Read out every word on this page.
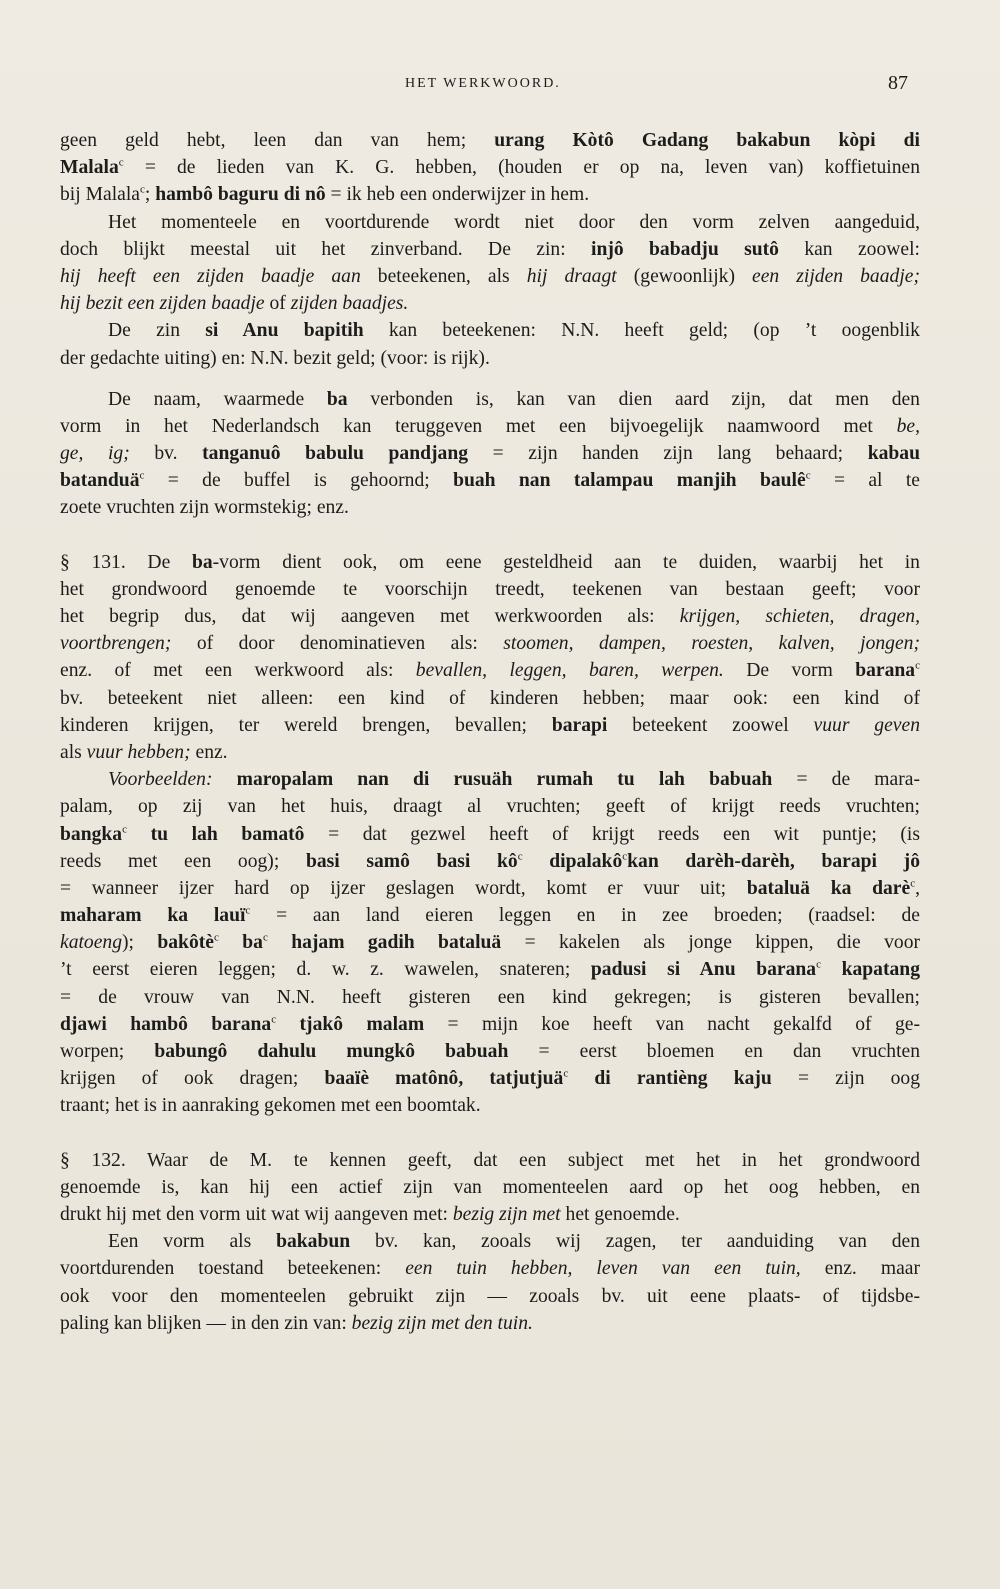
HET WERKWOORD.	87
geen geld hebt, leen dan van hem; urang Kòtô Gadang bakabun kòpi di
Malala$^c$ = de lieden van K. G. hebben, (houden er op na, leven van) koffietuinen
bij Malala$^c$; hambô baguru di nô = ik heb een onderwijzer in hem.
Het momenteele en voortdurende wordt niet door den vorm zelven aangeduid,
doch blijkt meestal uit het zinverband. De zin: injô babadju sutô kan zoowel:
hij heeft een zijden baadje aan beteekenen, als hij draagt (gewoonlijk) een zijden baadje;
hij bezit een zijden baadje of zijden baadjes.
De zin si Anu bapitih kan beteekenen: N.N. heeft geld; (op ’t oogenblik
der gedachte uiting) en: N.N. bezit geld; (voor: is rijk).
De naam, waarmede ba verbonden is, kan van dien aard zijn, dat men den
vorm in het Nederlandsch kan teruggeven met een bijvoegelijk naamwoord met be,
ge, ig; bv. tanganuô babulu pandjang = zijn handen zijn lang behaard; kabau
batanduä$^c$ = de buffel is gehoornd; buah nan talampau manjih baulê$^c$ = al te
zoete vruchten zijn wormstekig; enz.
§ 131. De ba-vorm dient ook, om eene gesteldheid aan te duiden, waarbij het in
het grondwoord genoemde te voorschijn treedt, teekenen van bestaan geeft; voor
het begrip dus, dat wij aangeven met werkwoorden als: krijgen, schieten, dragen,
voortbrengen; of door denominatieven als: stoomen, dampen, roesten, kalven, jongen;
enz. of met een werkwoord als: bevallen, leggen, baren, werpen. De vorm barana$^c$
bv. beteekent niet alleen: een kind of kinderen hebben; maar ook: een kind of
kinderen krijgen, ter wereld brengen, bevallen; barapi beteekent zoowel vuur geven
als vuur hebben; enz.
Voorbeelden: maropalam nan di rusuäh rumah tu lah babuah = de mara-
palam, op zij van het huis, draagt al vruchten; geeft of krijgt reeds vruchten;
bangka$^c$ tu lah bamatô = dat gezwel heeft of krijgt reeds een wit puntje; (is
reeds met een oog); basi samô basi $kô^c$ dipalakô$^c$kan darèh-darèh, barapi jô
= wanneer ijzer hard op ijzer geslagen wordt, komt er vuur uit; bataluä ka darè$^c$,
maharam ka lauï$^c$ = aan land eieren leggen en in zee broeden; (raadsel: de
katoeng); bakôtè$^c$ $ba^c$ hajam gadih bataluä = kakelen als jonge kippen, die voor
’t eerst eieren leggen; d. w. z. wawelen, snateren; padusi si Anu barana$^c$ kapatang
= de vrouw van N.N. heeft gisteren een kind gekregen; is gisteren bevallen;
djawi hambô barana$^c$ tjakô malam = mijn koe heeft van nacht gekalfd of ge-
worpen; babungô dahulu mungkô babuah = eerst bloemen en dan vruchten
krijgen of ook dragen; baaïè matônô, tatjutjuä$^c$ di rantièng kaju = zijn oog
traant; het is in aanraking gekomen met een boomtak.
§ 132. Waar de M. te kennen geeft, dat een subject met het in het grondwoord
genoemde is, kan hij een actief zijn van momenteelen aard op het oog hebben, en
drukt hij met den vorm uit wat wij aangeven met: bezig zijn met het genoemde.
Een vorm als bakabun bv. kan, zooals wij zagen, ter aanduiding van den
voortdurenden toestand beteekenen: een tuin hebben, leven van een tuin, enz. maar
ook voor den momenteelen gebruikt zijn — zooals bv. uit eene plaats- of tijdsbe-
paling kan blijken — in den zin van: bezig zijn met den tuin.
